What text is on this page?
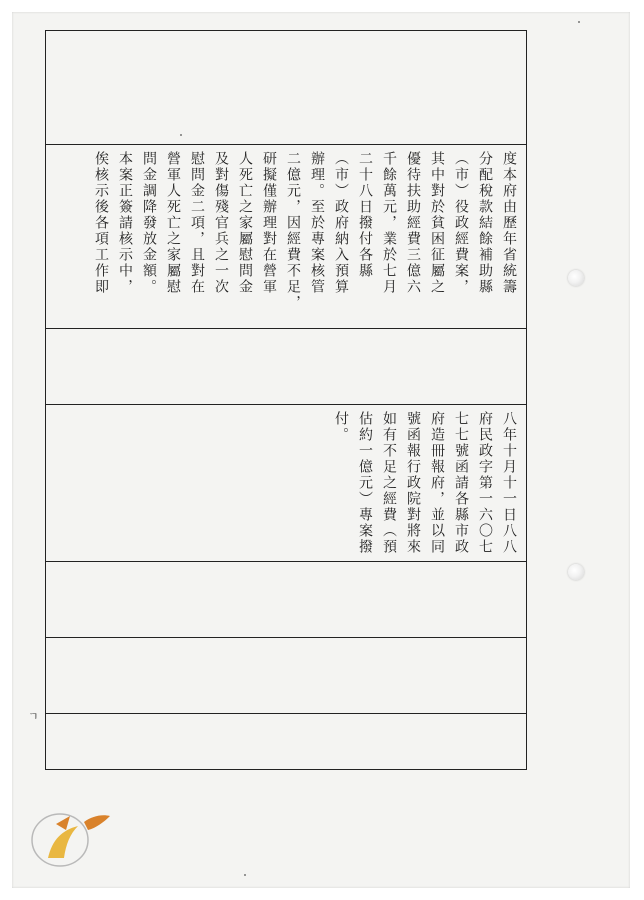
度本府由歷年省統籌
分配稅款結餘補助縣
（市）役政經費案，
其中對於貧困征屬之
優待扶助經費三億六
千餘萬元，業於七月
二十八日撥付各縣
（市）政府納入預算
辦理。至於專案核管
二億元，因經費不足，
研擬僅辦理對在營軍
人死亡之家屬慰問金
及對傷殘官兵之一次
慰問金二項，且對在
營軍人死亡之家屬慰
問金調降發放金額。
本案正簽請核示中，
俟核示後各項工作即
八年十月十一日八八
府民政字第一六〇七
七七號函請各縣市政
府造冊報府，並以同
號函報行政院對將來
如有不足之經費（預
估約一億元）專案撥
付。
ㄱ
